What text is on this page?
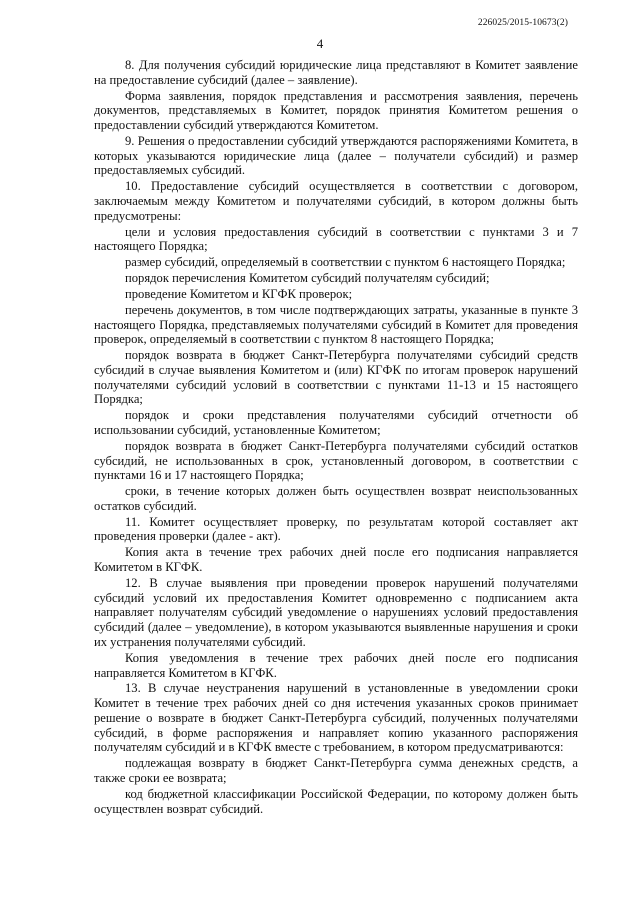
226025/2015-10673(2)
4

8. Для получения субсидий юридические лица представляют в Комитет заявление на предоставление субсидий (далее – заявление).

Форма заявления, порядок представления и рассмотрения заявления, перечень документов, представляемых в Комитет, порядок принятия Комитетом решения о предоставлении субсидий утверждаются Комитетом.

9. Решения о предоставлении субсидий утверждаются распоряжениями Комитета, в которых указываются юридические лица (далее – получатели субсидий) и размер предоставляемых субсидий.

10. Предоставление субсидий осуществляется в соответствии с договором, заключаемым между Комитетом и получателями субсидий, в котором должны быть предусмотрены:

цели и условия предоставления субсидий в соответствии с пунктами 3 и 7 настоящего Порядка;

размер субсидий, определяемый в соответствии с пунктом 6 настоящего Порядка;

порядок перечисления Комитетом субсидий получателям субсидий;

проведение Комитетом и КГФК проверок;

перечень документов, в том числе подтверждающих затраты, указанные в пункте 3 настоящего Порядка, представляемых получателями субсидий в Комитет для проведения проверок, определяемый в соответствии с пунктом 8 настоящего Порядка;

порядок возврата в бюджет Санкт-Петербурга получателями субсидий средств субсидий в случае выявления Комитетом и (или) КГФК по итогам проверок нарушений получателями субсидий условий в соответствии с пунктами 11-13 и 15 настоящего Порядка;

порядок и сроки представления получателями субсидий отчетности об использовании субсидий, установленные Комитетом;

порядок возврата в бюджет Санкт-Петербурга получателями субсидий остатков субсидий, не использованных в срок, установленный договором, в соответствии с пунктами 16 и 17 настоящего Порядка;

сроки, в течение которых должен быть осуществлен возврат неиспользованных остатков субсидий.

11. Комитет осуществляет проверку, по результатам которой составляет акт проведения проверки (далее - акт).

Копия акта в течение трех рабочих дней после его подписания направляется Комитетом в КГФК.

12. В случае выявления при проведении проверок нарушений получателями субсидий условий их предоставления Комитет одновременно с подписанием акта направляет получателям субсидий уведомление о нарушениях условий предоставления субсидий (далее – уведомление), в котором указываются выявленные нарушения и сроки их устранения получателями субсидий.

Копия уведомления в течение трех рабочих дней после его подписания направляется Комитетом в КГФК.

13. В случае неустранения нарушений в установленные в уведомлении сроки Комитет в течение трех рабочих дней со дня истечения указанных сроков принимает решение о возврате в бюджет Санкт-Петербурга субсидий, полученных получателями субсидий, в форме распоряжения и направляет копию указанного распоряжения получателям субсидий и в КГФК вместе с требованием, в котором предусматриваются:

подлежащая возврату в бюджет Санкт-Петербурга сумма денежных средств, а также сроки ее возврата;

код бюджетной классификации Российской Федерации, по которому должен быть осуществлен возврат субсидий.
